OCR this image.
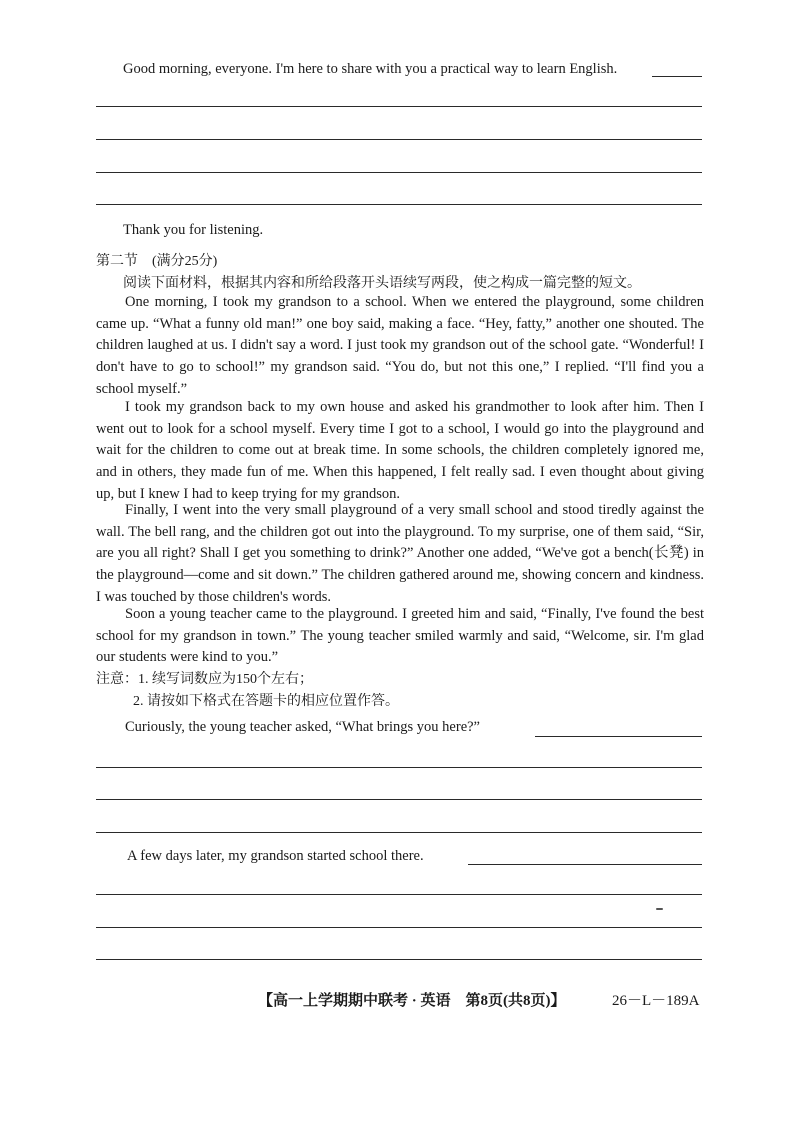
Good morning, everyone. I'm here to share with you a practical way to learn English.
Thank you for listening.
第二节　(满分25分)
阅读下面材料，根据其内容和所给段落开头语续写两段，使之构成一篇完整的短文。

One morning, I took my grandson to a school. When we entered the playground, some children came up. “What a funny old man!” one boy said, making a face. “Hey, fatty,” another one shouted. The children laughed at us. I didn't say a word. I just took my grandson out of the school gate. “Wonderful! I don't have to go to school!” my grandson said. “You do, but not this one,” I replied. “I'll find you a school myself.”

I took my grandson back to my own house and asked his grandmother to look after him. Then I went out to look for a school myself. Every time I got to a school, I would go into the playground and wait for the children to come out at break time. In some schools, the children completely ignored me, and in others, they made fun of me. When this happened, I felt really sad. I even thought about giving up, but I knew I had to keep trying for my grandson.

Finally, I went into the very small playground of a very small school and stood tiredly against the wall. The bell rang, and the children got out into the playground. To my surprise, one of them said, “Sir, are you all right? Shall I get you something to drink?” Another one added, “We've got a bench(长凳) in the playground—come and sit down.” The children gathered around me, showing concern and kindness. I was touched by those children's words.

Soon a young teacher came to the playground. I greeted him and said, “Finally, I've found the best school for my grandson in town.” The young teacher smiled warmly and said, “Welcome, sir. I'm glad our students were kind to you.”

注意：1. 续写词数应为150个左右；
2. 请按如下格式在答题卡的相应位置作答。
Curiously, the young teacher asked, “What brings you here?”
A few days later, my grandson started school there.
【高一上学期期中联考 · 英语　第8页(共8页)】	26－L－189A
